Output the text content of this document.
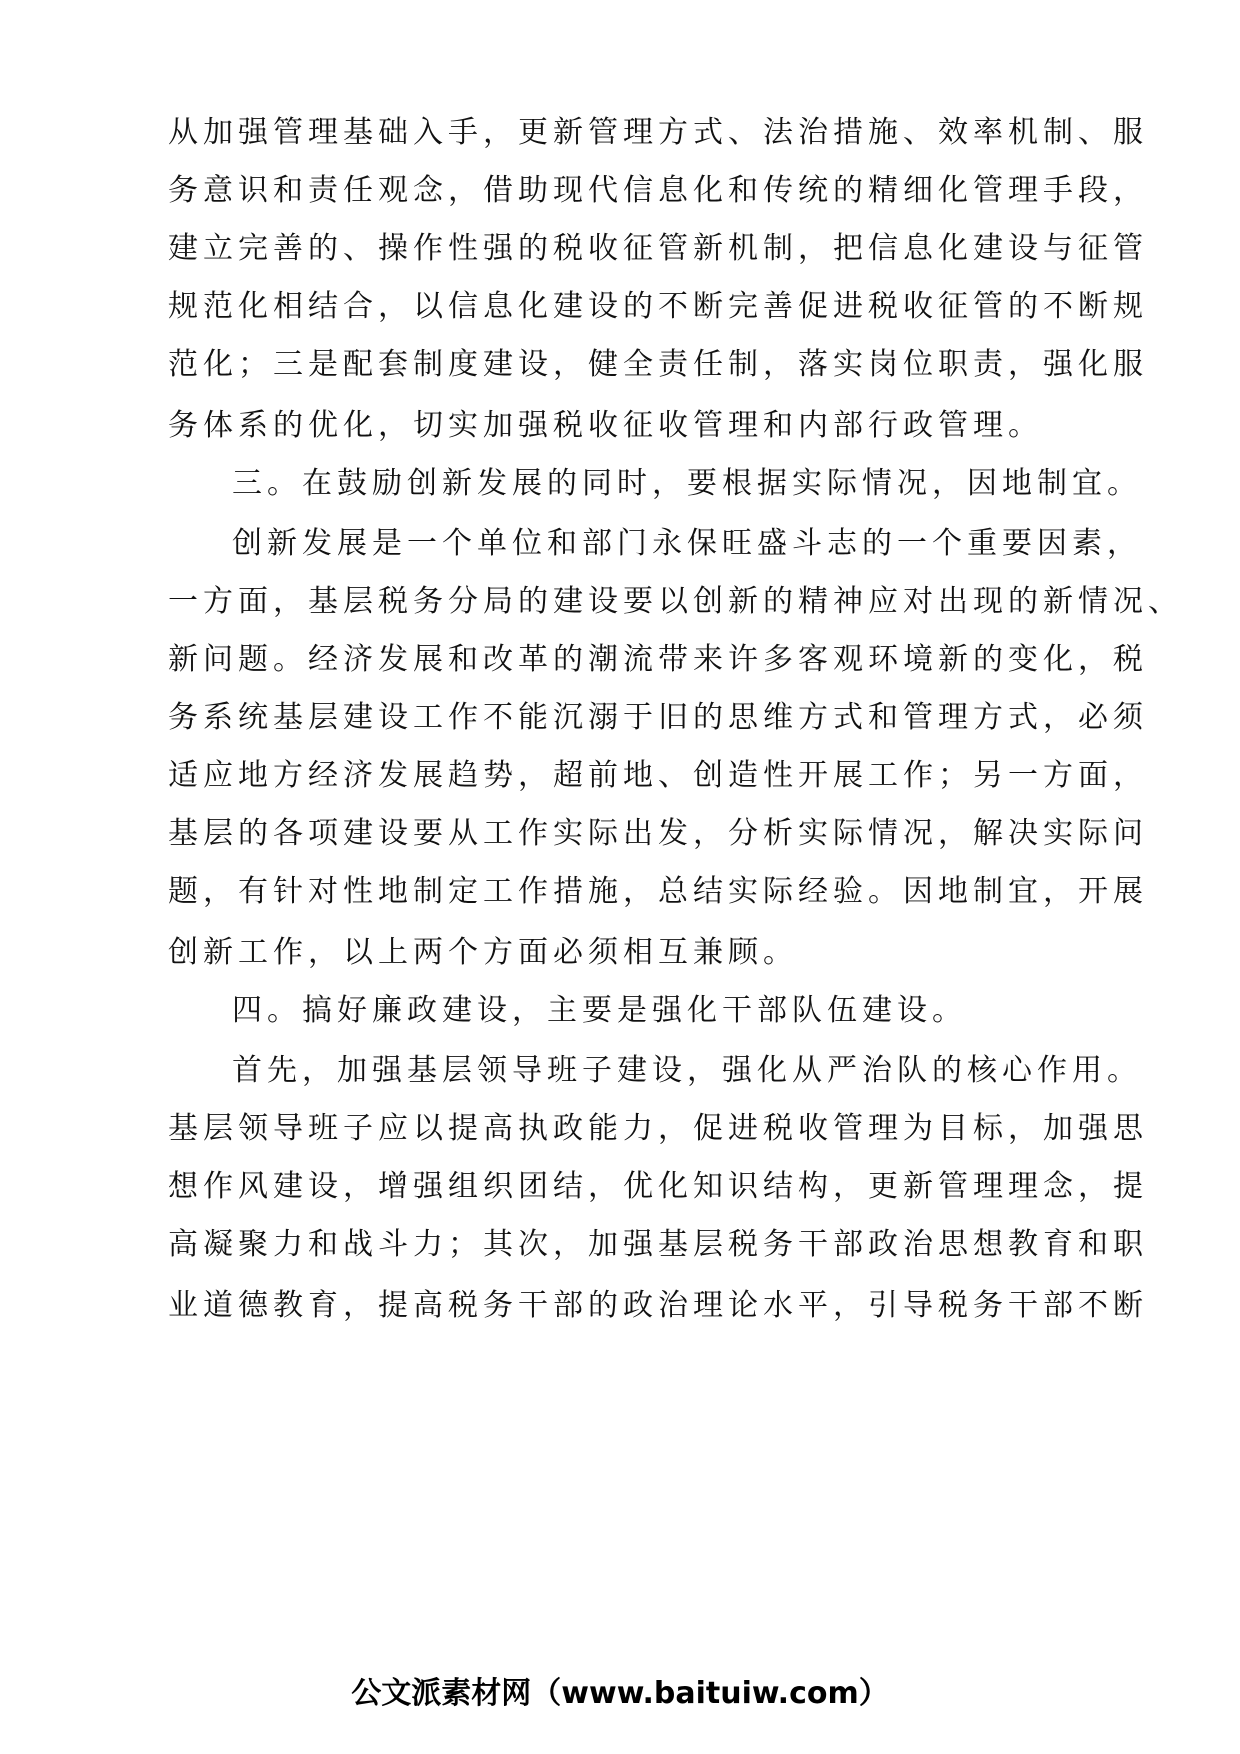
从加强管理基础入手，更新管理方式、法治措施、效率机制、服

务意识和责任观念，借助现代信息化和传统的精细化管理手段，

建立完善的、操作性强的税收征管新机制，把信息化建设与征管

规范化相结合，以信息化建设的不断完善促进税收征管的不断规

范化；三是配套制度建设，健全责任制，落实岗位职责，强化服

务体系的优化，切实加强税收征收管理和内部行政管理。

三。在鼓励创新发展的同时，要根据实际情况，因地制宜。

创新发展是一个单位和部门永保旺盛斗志的一个重要因素，

一方面，基层税务分局的建设要以创新的精神应对出现的新情况、

新问题。经济发展和改革的潮流带来许多客观环境新的变化，税

务系统基层建设工作不能沉溺于旧的思维方式和管理方式，必须

适应地方经济发展趋势，超前地、创造性开展工作；另一方面，

基层的各项建设要从工作实际出发，分析实际情况，解决实际问

题，有针对性地制定工作措施，总结实际经验。因地制宜，开展

创新工作，以上两个方面必须相互兼顾。

四。搞好廉政建设，主要是强化干部队伍建设。

首先，加强基层领导班子建设，强化从严治队的核心作用。

基层领导班子应以提高执政能力，促进税收管理为目标，加强思

想作风建设，增强组织团结，优化知识结构，更新管理理念，提

高凝聚力和战斗力；其次，加强基层税务干部政治思想教育和职

业道德教育，提高税务干部的政治理论水平，引导税务干部不断

公文派素材网（www.baituiw.com）
